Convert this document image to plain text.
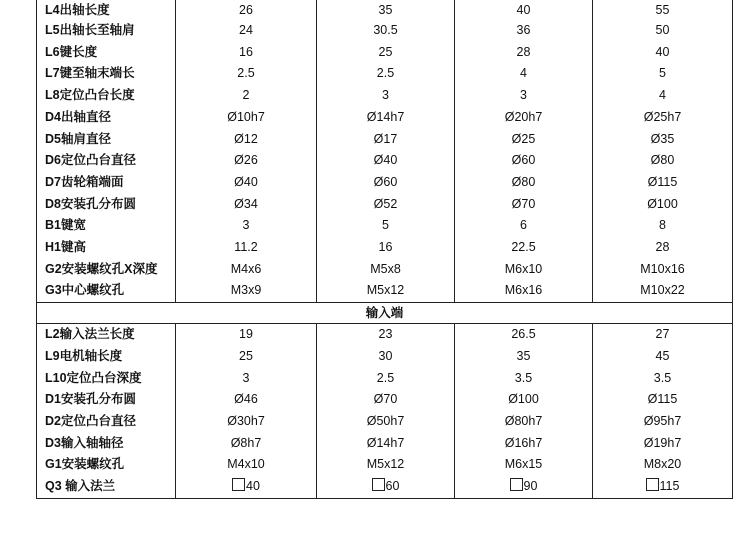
L4出轴长度	26	35	40	55
L5出轴长至轴肩	24	30.5	36	50
L6键长度	16	25	28	40
L7键至轴末端长	2.5	2.5	4	5
L8定位凸台长度	2	3	3	4
D4出轴直径	Ø10h7	Ø14h7	Ø20h7	Ø25h7
D5轴肩直径	Ø12	Ø17	Ø25	Ø35
D6定位凸台直径	Ø26	Ø40	Ø60	Ø80
D7齿轮箱端面	Ø40	Ø60	Ø80	Ø115
D8安装孔分布圆	Ø34	Ø52	Ø70	Ø100
B1键宽	3	5	6	8
H1键高	11.2	16	22.5	28
G2安装螺纹孔X深度	M4x6	M5x8	M6x10	M10x16
G3中心螺纹孔	M3x9	M5x12	M6x16	M10x22
输入端				
L2输入法兰长度	19	23	26.5	27
L9电机轴长度	25	30	35	45
L10定位凸台深度	3	2.5	3.5	3.5
D1安装孔分布圆	Ø46	Ø70	Ø100	Ø115
D2定位凸台直径	Ø30h7	Ø50h7	Ø80h7	Ø95h7
D3输入轴轴径	Ø8h7	Ø14h7	Ø16h7	Ø19h7
G1安装螺纹孔	M4x10	M5x12	M6x15	M8x20
Q3 输入法兰	40	60	90	115
